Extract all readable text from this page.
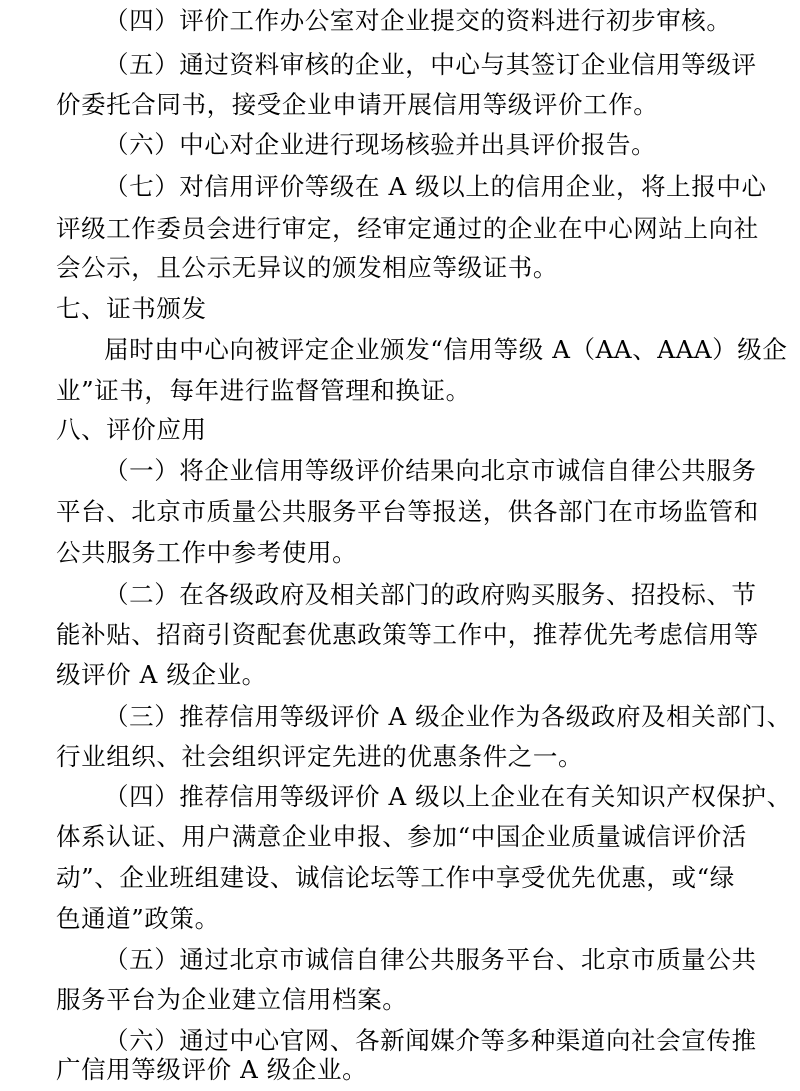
（四）评价工作办公室对企业提交的资料进行初步审核。
（五）通过资料审核的企业，中心与其签订企业信用等级评
价委托合同书，接受企业申请开展信用等级评价工作。
（六）中心对企业进行现场核验并出具评价报告。
（七）对信用评价等级在 A 级以上的信用企业，将上报中心
评级工作委员会进行审定，经审定通过的企业在中心网站上向社
会公示，且公示无异议的颁发相应等级证书。
七、证书颁发
届时由中心向被评定企业颁发“信用等级 A（AA、AAA）级企
业”证书，每年进行监督管理和换证。
八、评价应用
（一）将企业信用等级评价结果向北京市诚信自律公共服务
平台、北京市质量公共服务平台等报送，供各部门在市场监管和
公共服务工作中参考使用。
（二）在各级政府及相关部门的政府购买服务、招投标、节
能补贴、招商引资配套优惠政策等工作中，推荐优先考虑信用等
级评价 A 级企业。
（三）推荐信用等级评价 A 级企业作为各级政府及相关部门、
行业组织、社会组织评定先进的优惠条件之一。
（四）推荐信用等级评价 A 级以上企业在有关知识产权保护、
体系认证、用户满意企业申报、参加“中国企业质量诚信评价活
动”、企业班组建设、诚信论坛等工作中享受优先优惠，或“绿
色通道”政策。
（五）通过北京市诚信自律公共服务平台、北京市质量公共
服务平台为企业建立信用档案。
（六）通过中心官网、各新闻媒介等多种渠道向社会宣传推
广信用等级评价 A 级企业。
